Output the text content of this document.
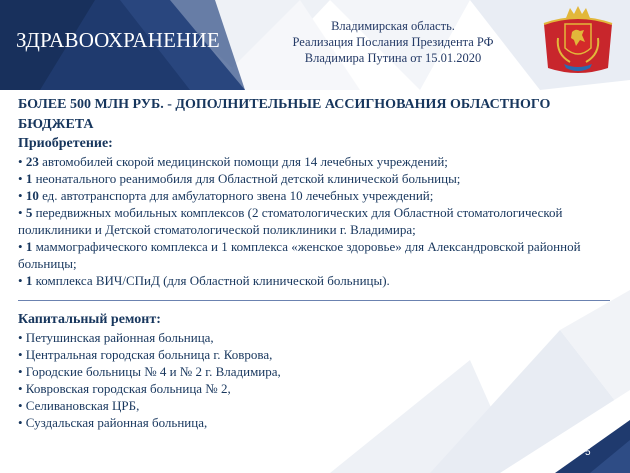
ЗДРАВООХРАНЕНИЕ
Владимирская область.
Реализация Послания Президента РФ
Владимира Путина от 15.01.2020
БОЛЕЕ 500 МЛН РУБ. - ДОПОЛНИТЕЛЬНЫЕ АССИГНОВАНИЯ ОБЛАСТНОГО БЮДЖЕТА
Приобретение:
• 23 автомобилей скорой медицинской помощи для 14 лечебных учреждений;
• 1 неонатального реанимобиля для Областной детской клинической больницы;
• 10 ед. автотранспорта для амбулаторного звена 10 лечебных учреждений;
• 5 передвижных мобильных комплексов (2 стоматологических для Областной стоматологической поликлиники и Детской стоматологической поликлиники г. Владимира;
• 1 маммографического комплекса и 1 комплекса «женское здоровье» для Александровской районной больницы;
• 1 комплекса ВИЧ/СПиД (для Областной клинической больницы).
Капитальный ремонт:
• Петушинская районная больница,
• Центральная городская больница г. Коврова,
• Городские больницы № 4 и № 2 г. Владимира,
• Ковровская городская больница № 2,
• Селивановская ЦРБ,
• Суздальская районная больница,
5
